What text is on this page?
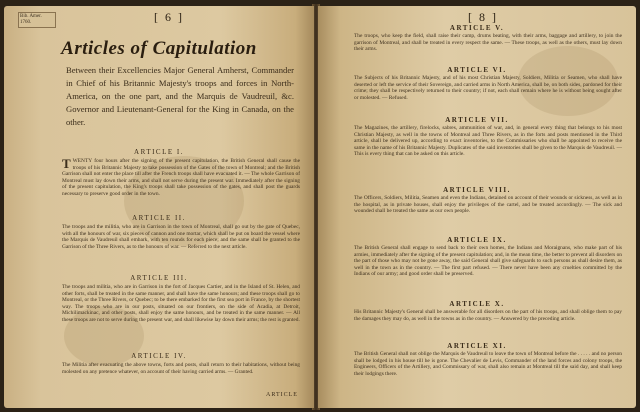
Bib. Amer. 1760.	[ 6 ]
Articles of Capitulation
Between their Excellencies Major General Amherst, Commander in Chief of his Britannic Majesty's troops and forces in North-America, on the one part, and the Marquis de Vaudreuil, &c. Governor and Lieutenant-General for the King in Canada, on the other.
ARTICLE I.
TWENTY four hours after the signing of the present capitulation, the British General shall cause the troops of his Britannic Majesty to take possession of the Gates of the town of Montreal; and the British Garrison shall not enter the place till after the French troops shall have evacuated it. — The whole Garrison of Montreal must lay down their arms, and shall not serve during the present war. Immediately after the signing of the present capitulation, the King's troops shall take possession of the gates, and shall post the guards necessary to preserve good order in the town.
ARTICLE II.
The troops and the militia, who are in Garrison in the town of Montreal, shall go out by the gate of Quebec, with all the honours of war, six pieces of cannon and one mortar, which shall be put on board the vessel where the Marquis de Vaudreuil shall embark, with ten rounds for each piece; and the same shall be granted to the Garrison of the Three Rivers, as to the honours of war. — Referred to the next article.
ARTICLE III.
The troops and militia, who are in Garrison in the fort of Jacques Cartier, and in the Island of St. Helen, and other forts, shall be treated in the same manner, and shall have the same honours; and these troops shall go to Montreal, or the Three Rivers, or Quebec; to be there embarked for the first sea port in France, by the shortest way. The troops who are in our posts, situated on our frontiers, on the side of Acadia, at Detroit, Michilimackinac, and other posts, shall enjoy the same honours, and be treated in the same manner. — All these troops are not to serve during the present war, and shall likewise lay down their arms; the rest is granted.
ARTICLE IV.
The Militia after evacuating the above towns, forts and posts, shall return to their habitations, without being molested on any pretence whatever, on account of their having carried arms. — Granted.
ARTICLE
[ 8 ]
ARTICLE V.
The troops, who keep the field, shall raise their camp, drums beating, with their arms, baggage and artillery, to join the garrison of Montreal, and shall be treated in every respect the same. — These troops, as well as the others, must lay down their arms.
ARTICLE VI.
The Subjects of his Britannic Majesty, and of his most Christian Majesty, Soldiers, Militia or Seamen, who shall have deserted or left the service of their Sovereign, and carried arms in North America, shall be, on both sides, pardoned for their crime; they shall be respectively returned to their country; if not, each shall remain where he is without being sought after or molested. — Refused.
ARTICLE VII.
The Magazines, the artillery, firelocks, sabres, ammunition of war, and, in general every thing that belongs to his most Christian Majesty, as well in the towns of Montreal and Three Rivers, as in the forts and posts mentioned in the Third article, shall be delivered up, according to exact inventories, to the Commissaries who shall be appointed to receive the same in the name of his Britannic Majesty. Duplicates of the said inventories shall be given to the Marquis de Vaudreuil. — This is every thing that can be asked on this article.
ARTICLE VIII.
The Officers, Soldiers, Militia, Seamen and even the Indians, detained on account of their wounds or sickness, as well as in the hospital, as in private houses, shall enjoy the privileges of the cartel, and be treated accordingly. — The sick and wounded shall be treated the same as our own people.
ARTICLE IX.
The British General shall engage to send back to their own homes, the Indians and Moraignans, who make part of his armies, immediately after the signing of the present capitulation; and, in the mean time, the better to prevent all disorders on the part of those who may not be gone away, the said General shall give safeguards to such persons as shall desire them, as well in the town as in the country. — The first part refused. — There never have been any cruelties committed by the Indians of our army; and good order shall be preserved.
ARTICLE X.
His Britannic Majesty's General shall be answerable for all disorders on the part of his troops, and shall oblige them to pay the damages they may do, as well in the towns as in the country. — Answered by the preceding article.
ARTICLE XI.
The British General shall not oblige the Marquis de Vaudreuil to leave the town of Montreal before the . . . . . and no person shall be lodged in his house till he is gone. The Chevalier de Levis, Commander of the land forces and colony troops, the Engineers, Officers of the Artillery, and Commissary of war, shall also remain at Montreal till the said day, and shall keep their lodgings there.
